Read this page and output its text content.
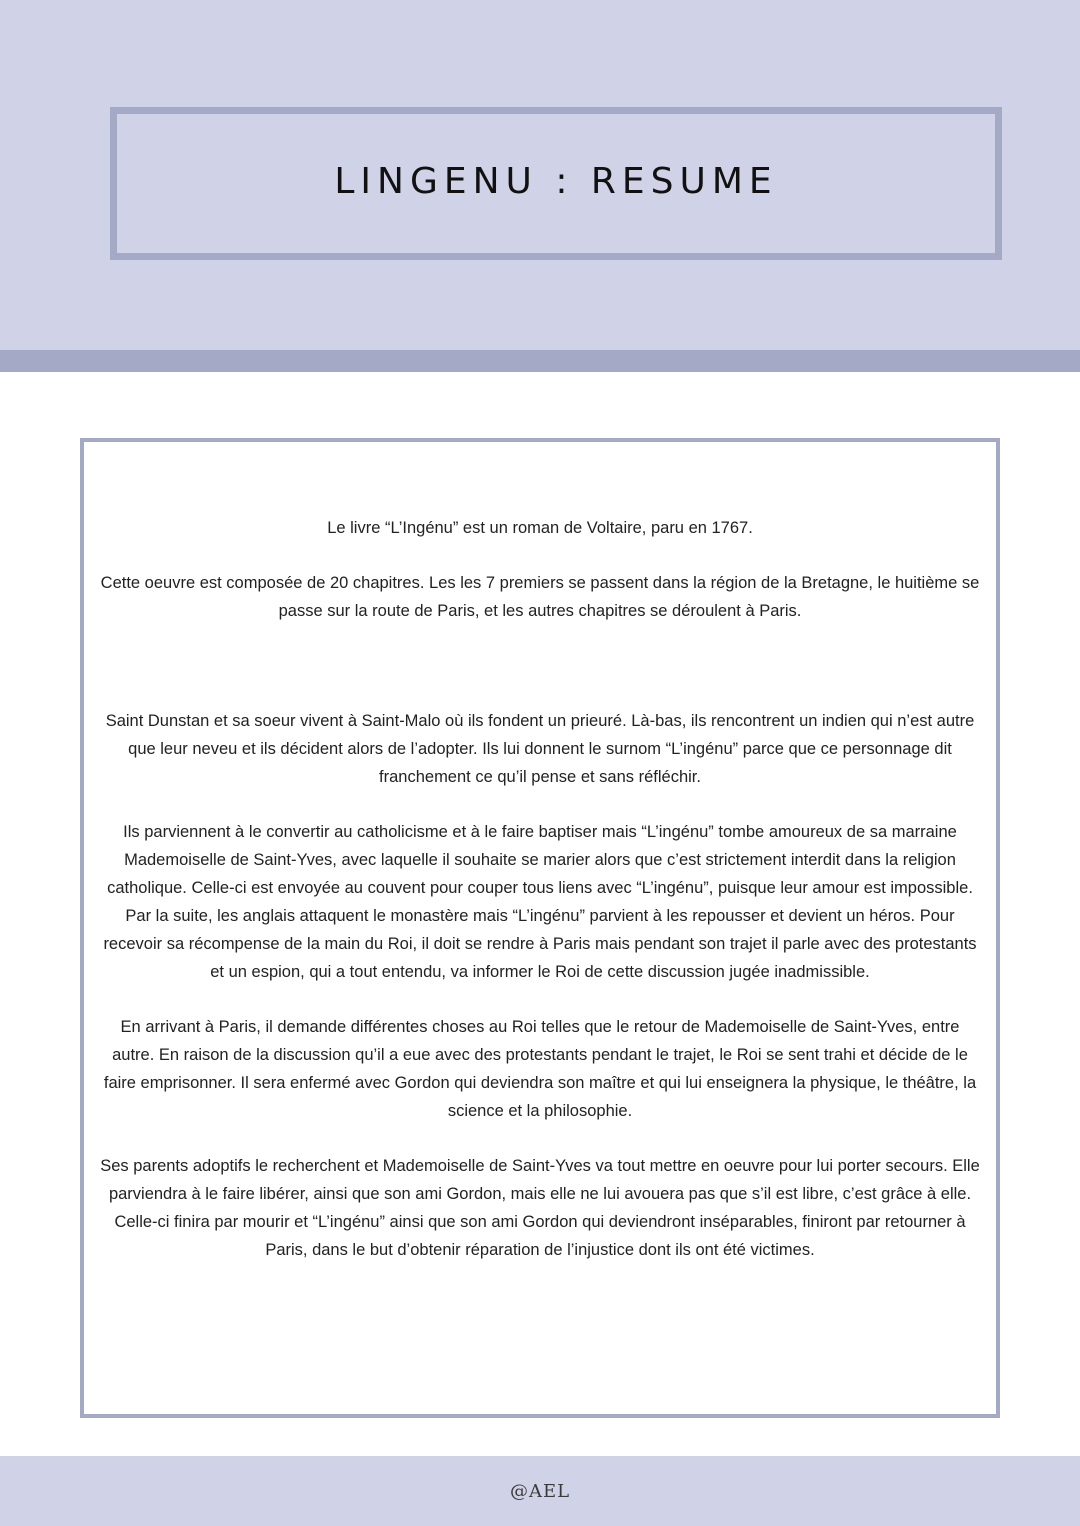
LINGENU : RESUME

Le livre “L’Ingénu” est un roman de Voltaire, paru en 1767.

Cette oeuvre est composée de 20 chapitres. Les les 7 premiers se passent dans la région de la Bretagne, le huitième se passe sur la route de Paris, et les autres chapitres se déroulent à Paris.

Saint Dunstan et sa soeur vivent à Saint-Malo où ils fondent un prieuré. Là-bas, ils rencontrent un indien qui n’est autre que leur neveu et ils décident alors de l’adopter. Ils lui donnent le surnom “L’ingénu” parce que ce personnage dit franchement ce qu’il pense et sans réfléchir.

Ils parviennent à le convertir au catholicisme et à le faire baptiser mais “L’ingénu” tombe amoureux de sa marraine Mademoiselle de Saint-Yves, avec laquelle il souhaite se marier alors que c’est strictement interdit dans la religion catholique. Celle-ci est envoyée au couvent pour couper tous liens avec “L’ingénu”, puisque leur amour est impossible. Par la suite, les anglais attaquent le monastère mais “L’ingénu” parvient à les repousser et devient un héros. Pour recevoir sa récompense de la main du Roi, il doit se rendre à Paris mais pendant son trajet il parle avec des protestants et un espion, qui a tout entendu, va informer le Roi de cette discussion jugée inadmissible.

En arrivant à Paris, il demande différentes choses au Roi telles que le retour de Mademoiselle de Saint-Yves, entre autre. En raison de la discussion qu’il a eue avec des protestants pendant le trajet, le Roi se sent trahi et décide de le faire emprisonner. Il sera enfermé avec Gordon qui deviendra son maître et qui lui enseignera la physique, le théâtre, la science et la philosophie.

Ses parents adoptifs le recherchent et Mademoiselle de Saint-Yves va tout mettre en oeuvre pour lui porter secours. Elle parviendra à le faire libérer, ainsi que son ami Gordon, mais elle ne lui avouera pas que s’il est libre, c’est grâce à elle. Celle-ci finira par mourir et “L’ingénu” ainsi que son ami Gordon qui deviendront inséparables, finiront par retourner à Paris, dans le but d’obtenir réparation de l’injustice dont ils ont été victimes.

@AEL
